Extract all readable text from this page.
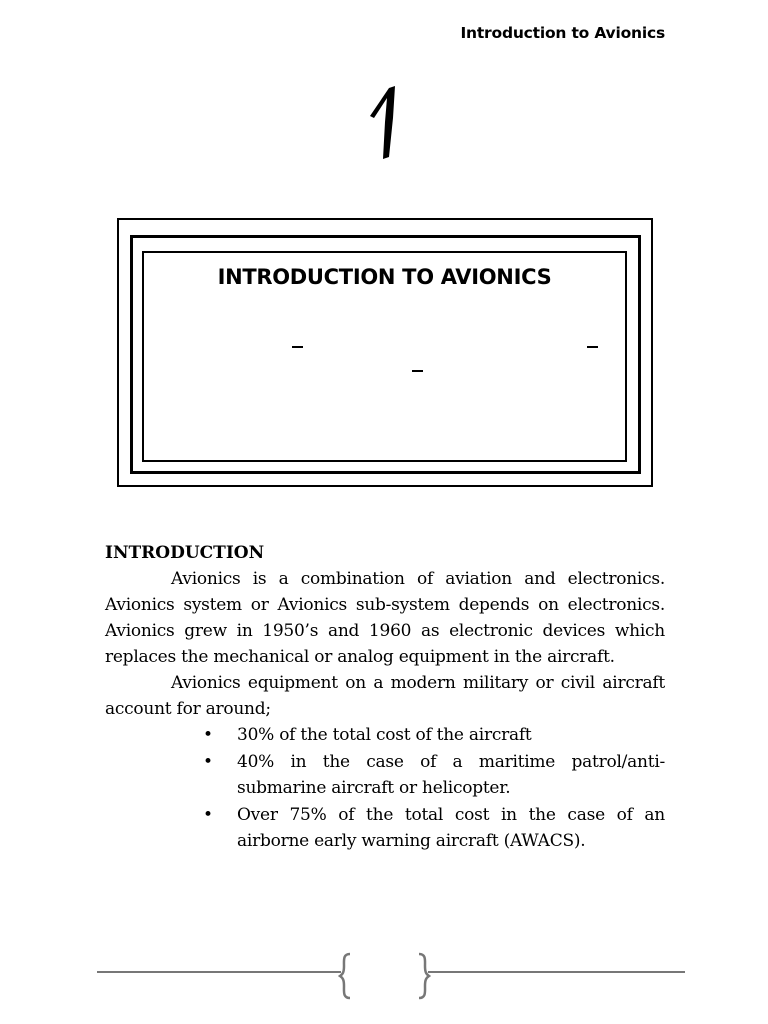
Introduction to Avionics
INTRODUCTION TO AVIONICS
INTRODUCTION

Avionics is a combination of aviation and electronics. Avionics system or Avionics sub-system depends on electronics. Avionics grew in 1950’s and 1960 as electronic devices which replaces the mechanical or analog equipment in the aircraft.

Avionics equipment on a modern military or civil aircraft account for around;

• 30% of the total cost of the aircraft
• 40% in the case of a maritime patrol/anti-submarine aircraft or helicopter.
• Over 75% of the total cost in the case of an airborne early warning aircraft (AWACS).
